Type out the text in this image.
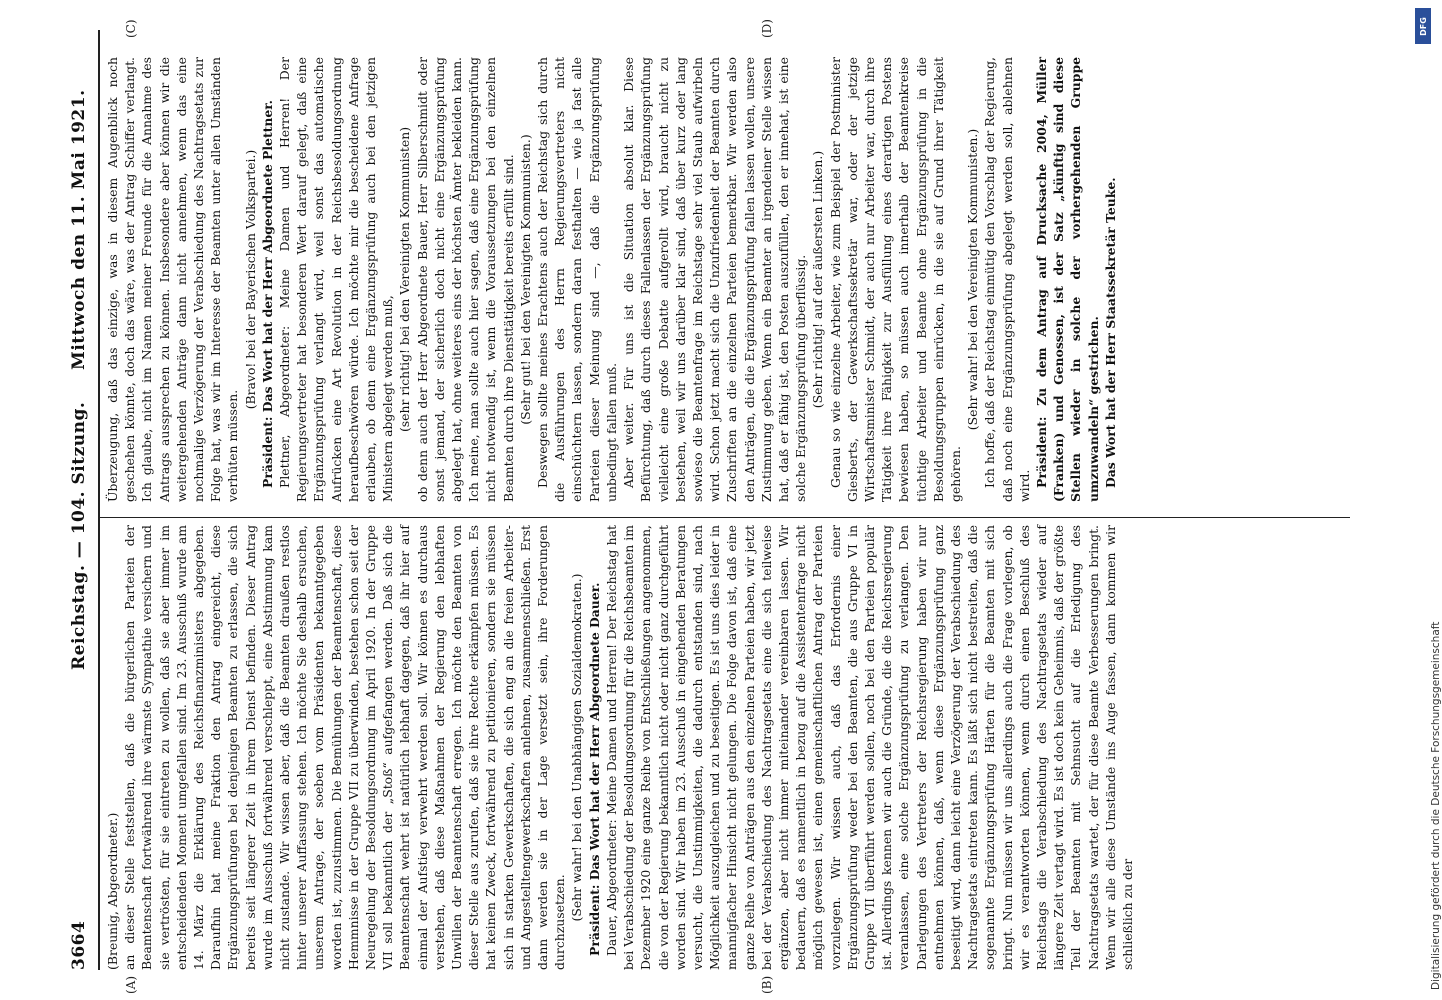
3664
Reichstag. — 104. Sitzung.
Mittwoch den 11. Mai 1921.
(A)	(B)
(C)	(D)

(Breunig, Abgeordneter.) an dieser Stelle feststellen, daß die bürgerlichen Parteien der Beamtenschaft fortwährend ihre wärmste Sympathie versichern und sie vertrösten, für sie eintreten zu wollen, daß sie aber immer im entscheidenden Moment umgefallen sind. Im 23. Ausschuß wurde am 14. März die Erklärung des Reichsfinanzministers abgegeben. Daraufhin hat meine Fraktion den Antrag eingereicht, diese Ergänzungsprüfungen bei denjenigen Beamten zu erlassen, die sich bereits seit längerer Zeit in ihrem Dienst befinden. Dieser Antrag wurde im Ausschuß fortwährend verschleppt, eine Abstimmung kam nicht zustande. Wir wissen aber, daß die Beamten draußen restlos hinter unserer Auffassung stehen. Ich möchte Sie deshalb ersuchen, unserem Antrage, der soeben vom Präsidenten bekanntgegeben worden ist, zuzustimmen. Die Bemühungen der Beamtenschaft, diese Hemmnisse in der Gruppe VII zu überwinden, bestehen schon seit der Neuregelung der Besoldungsordnung im April 1920. In der Gruppe VII soll bekanntlich der „Stoß“ aufgefangen werden. Daß sich die Beamtenschaft wehrt ist natürlich lebhaft dagegen, daß ihr hier auf einmal der Aufstieg verwehrt werden soll. Wir können es durchaus verstehen, daß diese Maßnahmen der Regierung den lebhaften Unwillen der Beamtenschaft erregen. Ich möchte den Beamten von dieser Stelle aus zurufen, daß sie ihre Rechte erkämpfen müssen. Es hat keinen Zweck, fortwährend zu petitionieren, sondern sie müssen sich in starken Gewerkschaften, die sich eng an die freien Arbeiter- und Angestelltengewerkschaften anlehnen, zusammenschließen. Erst dann werden sie in der Lage versetzt sein, ihre Forderungen durchzusetzen.

(Sehr wahr! bei den Unabhängigen Sozialdemokraten.) Präsident: Das Wort hat der Herr Abgeordnete Dauer. Dauer, Abgeordneter: Meine Damen und Herren! Der Reichstag hat bei Verabschiedung der Besoldungsordnung für die Reichsbeamten im Dezember 1920 eine ganze Reihe von Entschließungen angenommen, die von der Regierung bekanntlich nicht oder nicht ganz durchgeführt worden sind. Wir haben im 23. Ausschuß in eingehenden Beratungen versucht, die Unstimmigkeiten, die dadurch entstanden sind, nach Möglichkeit auszugleichen und zu beseitigen. Es ist uns dies leider in mannigfacher Hinsicht nicht gelungen. Die Folge davon ist, daß eine ganze Reihe von Anträgen aus den einzelnen Parteien haben, wir jetzt bei der Verabschiedung des Nachtragsetats eine die sich teilweise ergänzen, aber nicht immer miteinander vereinbaren lassen. Wir bedauern, daß es namentlich in bezug auf die Assistentenfrage nicht möglich gewesen ist, einen gemeinschaftlichen Antrag der Parteien vorzulegen. Wir wissen auch, daß das Erfordernis einer Ergänzungsprüfung weder bei den Beamten, die aus Gruppe VI in Gruppe VII überführt werden sollen, noch bei den Parteien populär ist. Allerdings kennen wir auch die Gründe, die die Reichsregierung veranlassen, eine solche Ergänzungsprüfung zu verlangen. Den Darlegungen des Vertreters der Reichsregierung haben wir nur entnehmen können, daß, wenn diese Ergänzungsprüfung ganz beseitigt wird, dann leicht eine Verzögerung der Verabschiedung des Nachtragsetats eintreten kann. Es läßt sich nicht bestreiten, daß die sogenannte Ergänzungsprüfung Härten für die Beamten mit sich bringt. Nun müssen wir uns allerdings auch die Frage vorlegen, ob wir es verantworten können, wenn durch einen Beschluß des Reichstags die Verabschiedung des Nachtragsetats wieder auf längere Zeit vertagt wird. Es ist doch kein Geheimnis, daß der größte Teil der Beamten mit Sehnsucht auf die Erledigung des Nachtragsetats wartet, der für diese Beamte Verbesserungen bringt. Wenn wir alle diese Umstände ins Auge fassen, dann kommen wir schließlich zu der

Überzeugung, daß das einzige, was in diesem Augenblick noch geschehen könnte, doch das wäre, was der Antrag Schiffer verlangt. Ich glaube, nicht im Namen meiner Freunde für die Annahme des Antrags aussprechen zu können. Insbesondere aber können wir die weitergehenden Anträge dann nicht annehmen, wenn das eine nochmalige Verzögerung der Verabschiedung des Nachtragsetats zur Folge hat, was wir im Interesse der Beamten unter allen Umständen verhüten müssen.

(Bravo! bei der Bayerischen Volkspartei.) Präsident: Das Wort hat der Herr Abgeordnete Plettner. Plettner, Abgeordneter: Meine Damen und Herren! Der Regierungsvertreter hat besonderen Wert darauf gelegt, daß eine Ergänzungsprüfung verlangt wird, weil sonst das automatische Aufrücken eine Art Revolution in der Reichsbesoldungsordnung heraufbeschwören würde. Ich möchte mir die bescheidene Anfrage erlauben, ob denn eine Ergänzungsprüfung auch bei den jetzigen Ministern abgelegt werden muß, (sehr richtig! bei den Vereinigten Kommunisten) ob denn auch der Herr Abgeordnete Bauer, Herr Silberschmidt oder sonst jemand, der sicherlich doch nicht eine Ergänzungsprüfung abgelegt hat, ohne weiteres eins der höchsten Ämter bekleiden kann. Ich meine, man sollte auch hier sagen, daß eine Ergänzungsprüfung nicht notwendig ist, wenn die Voraussetzungen bei den einzelnen Beamten durch ihre Diensttätigkeit bereits erfüllt sind. (Sehr gut! bei den Vereinigten Kommunisten.) Deswegen sollte meines Erachtens auch der Reichstag sich durch die Ausführungen des Herrn Regierungsvertreters nicht einschüchtern lassen, sondern daran festhalten — wie ja fast alle Parteien dieser Meinung sind —, daß die Ergänzungsprüfung unbedingt fallen muß. Aber weiter. Für uns ist die Situation absolut klar. Diese Befürchtung, daß durch dieses Fallenlassen der Ergänzungsprüfung vielleicht eine große Debatte aufgerollt wird, braucht nicht zu bestehen, weil wir uns darüber klar sind, daß über kurz oder lang sowieso die Beamtenfrage im Reichstage sehr viel Staub aufwirbeln wird. Schon jetzt macht sich die Unzufriedenheit der Beamten durch Zuschriften an die einzelnen Parteien bemerkbar. Wir werden also den Anträgen, die die Ergänzungsprüfung fallen lassen wollen, unsere Zustimmung geben. Wenn ein Beamter an irgendeiner Stelle wissen hat, daß er fähig ist, den Posten auszufüllen, den er innehat, ist eine solche Ergänzungsprüfung überflüssig. (Sehr richtig! auf der äußersten Linken.) Genau so wie einzelne Arbeiter, wie zum Beispiel der Postminister Giesberts, der Gewerkschaftssekretär war, oder der jetzige Wirtschaftsminister Schmidt, der auch nur Arbeiter war, durch ihre Tätigkeit ihre Fähigkeit zur Ausfüllung eines derartigen Postens bewiesen haben, so müssen auch innerhalb der Beamtenkreise tüchtige Arbeiter und Beamte ohne Ergänzungsprüfung in die Besoldungsgruppen einrücken, in die sie auf Grund ihrer Tätigkeit gehören.

(Sehr wahr! bei den Vereinigten Kommunisten.) Ich hoffe, daß der Reichstag einmütig den Vorschlag der Regierung, daß noch eine Ergänzungsprüfung abgelegt werden soll, ablehnen wird. Präsident: Zu dem Antrag auf Drucksache 2004, Müller (Franken) und Genossen, ist der Satz „künftig sind diese Stellen wieder in solche der vorhergehenden Gruppe umzuwandeln“ gestrichen. Das Wort hat der Herr Staatssekretär Teuke.

Digitalisierung gefördert durch die Deutsche Forschungsgemeinschaft
DFG
